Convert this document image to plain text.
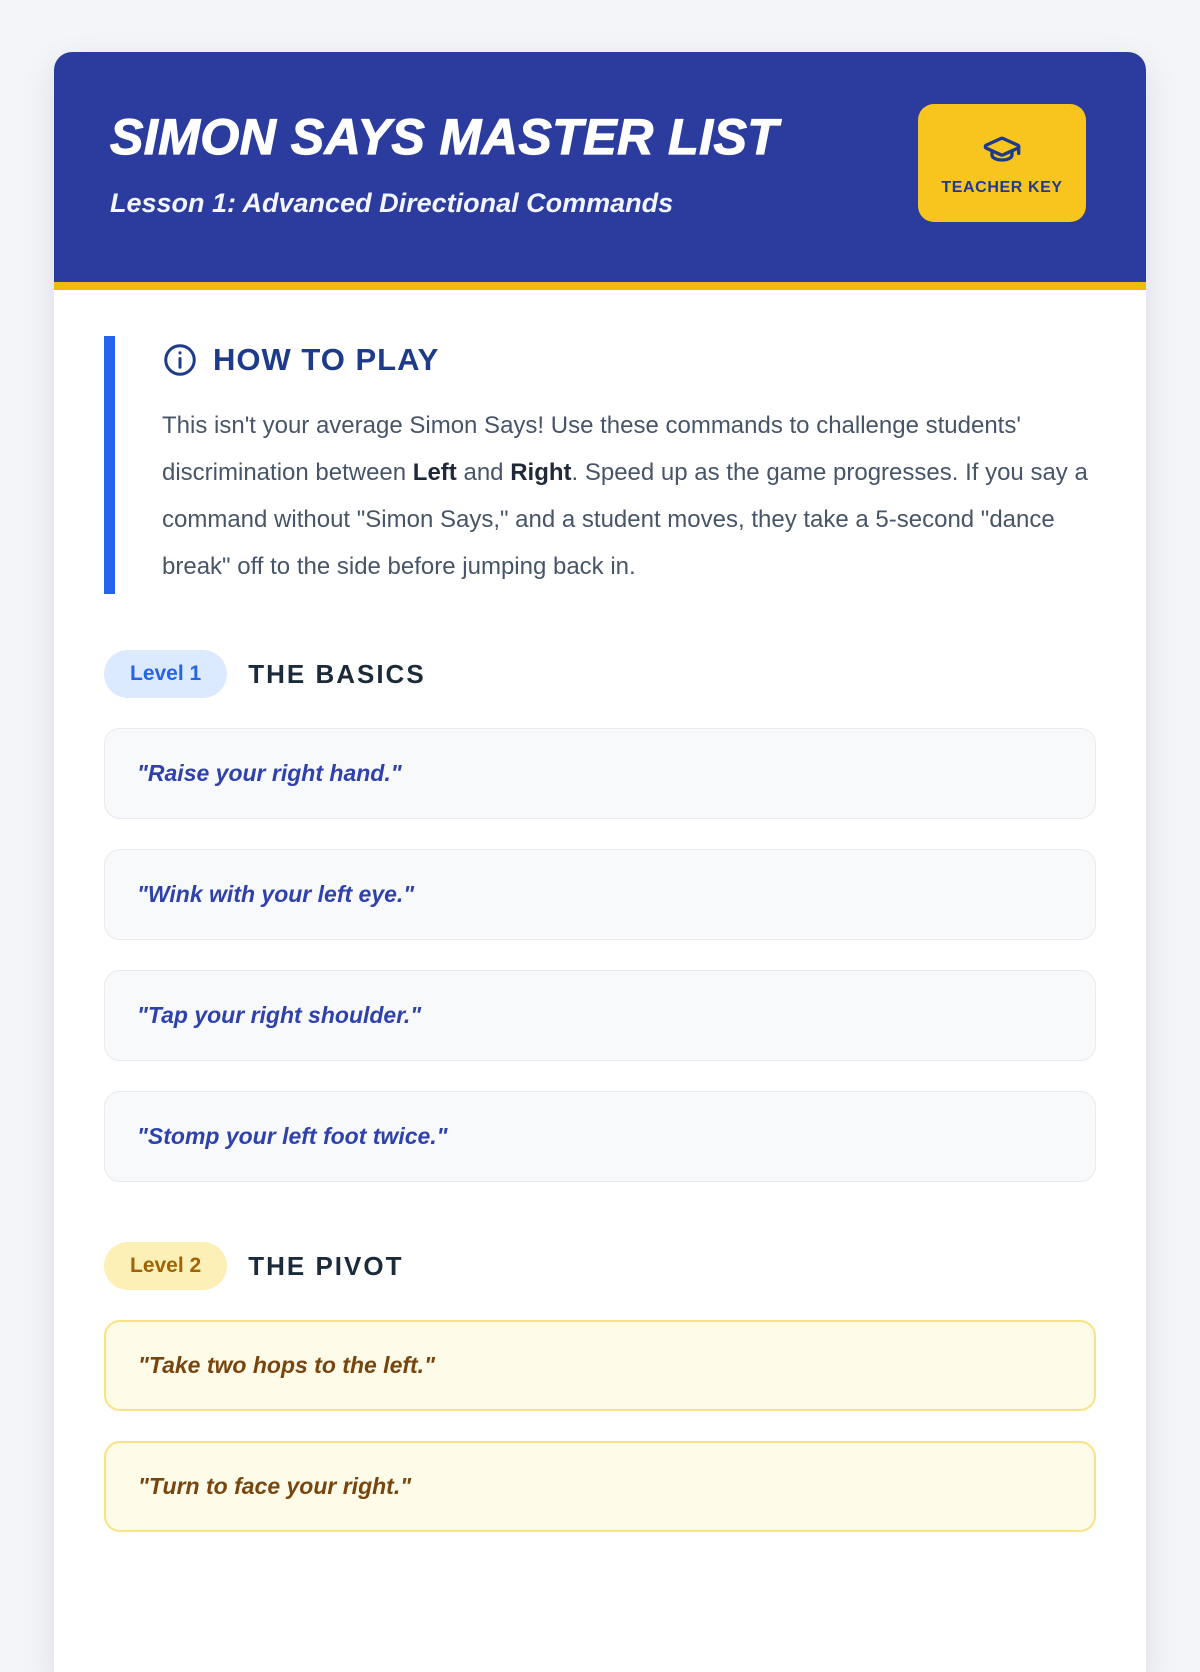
SIMON SAYS MASTER LIST

Lesson 1: Advanced Directional Commands

TEACHER KEY
HOW TO PLAY

This isn't your average Simon Says! Use these commands to challenge students' discrimination between Left and Right. Speed up as the game progresses. If you say a command without "Simon Says," and a student moves, they take a 5-second "dance break" off to the side before jumping back in.

Level 1	THE BASICS
"Raise your right hand."
"Wink with your left eye."
"Tap your right shoulder."
"Stomp your left foot twice."
Level 2	THE PIVOT
"Take two hops to the left."
"Turn to face your right."
